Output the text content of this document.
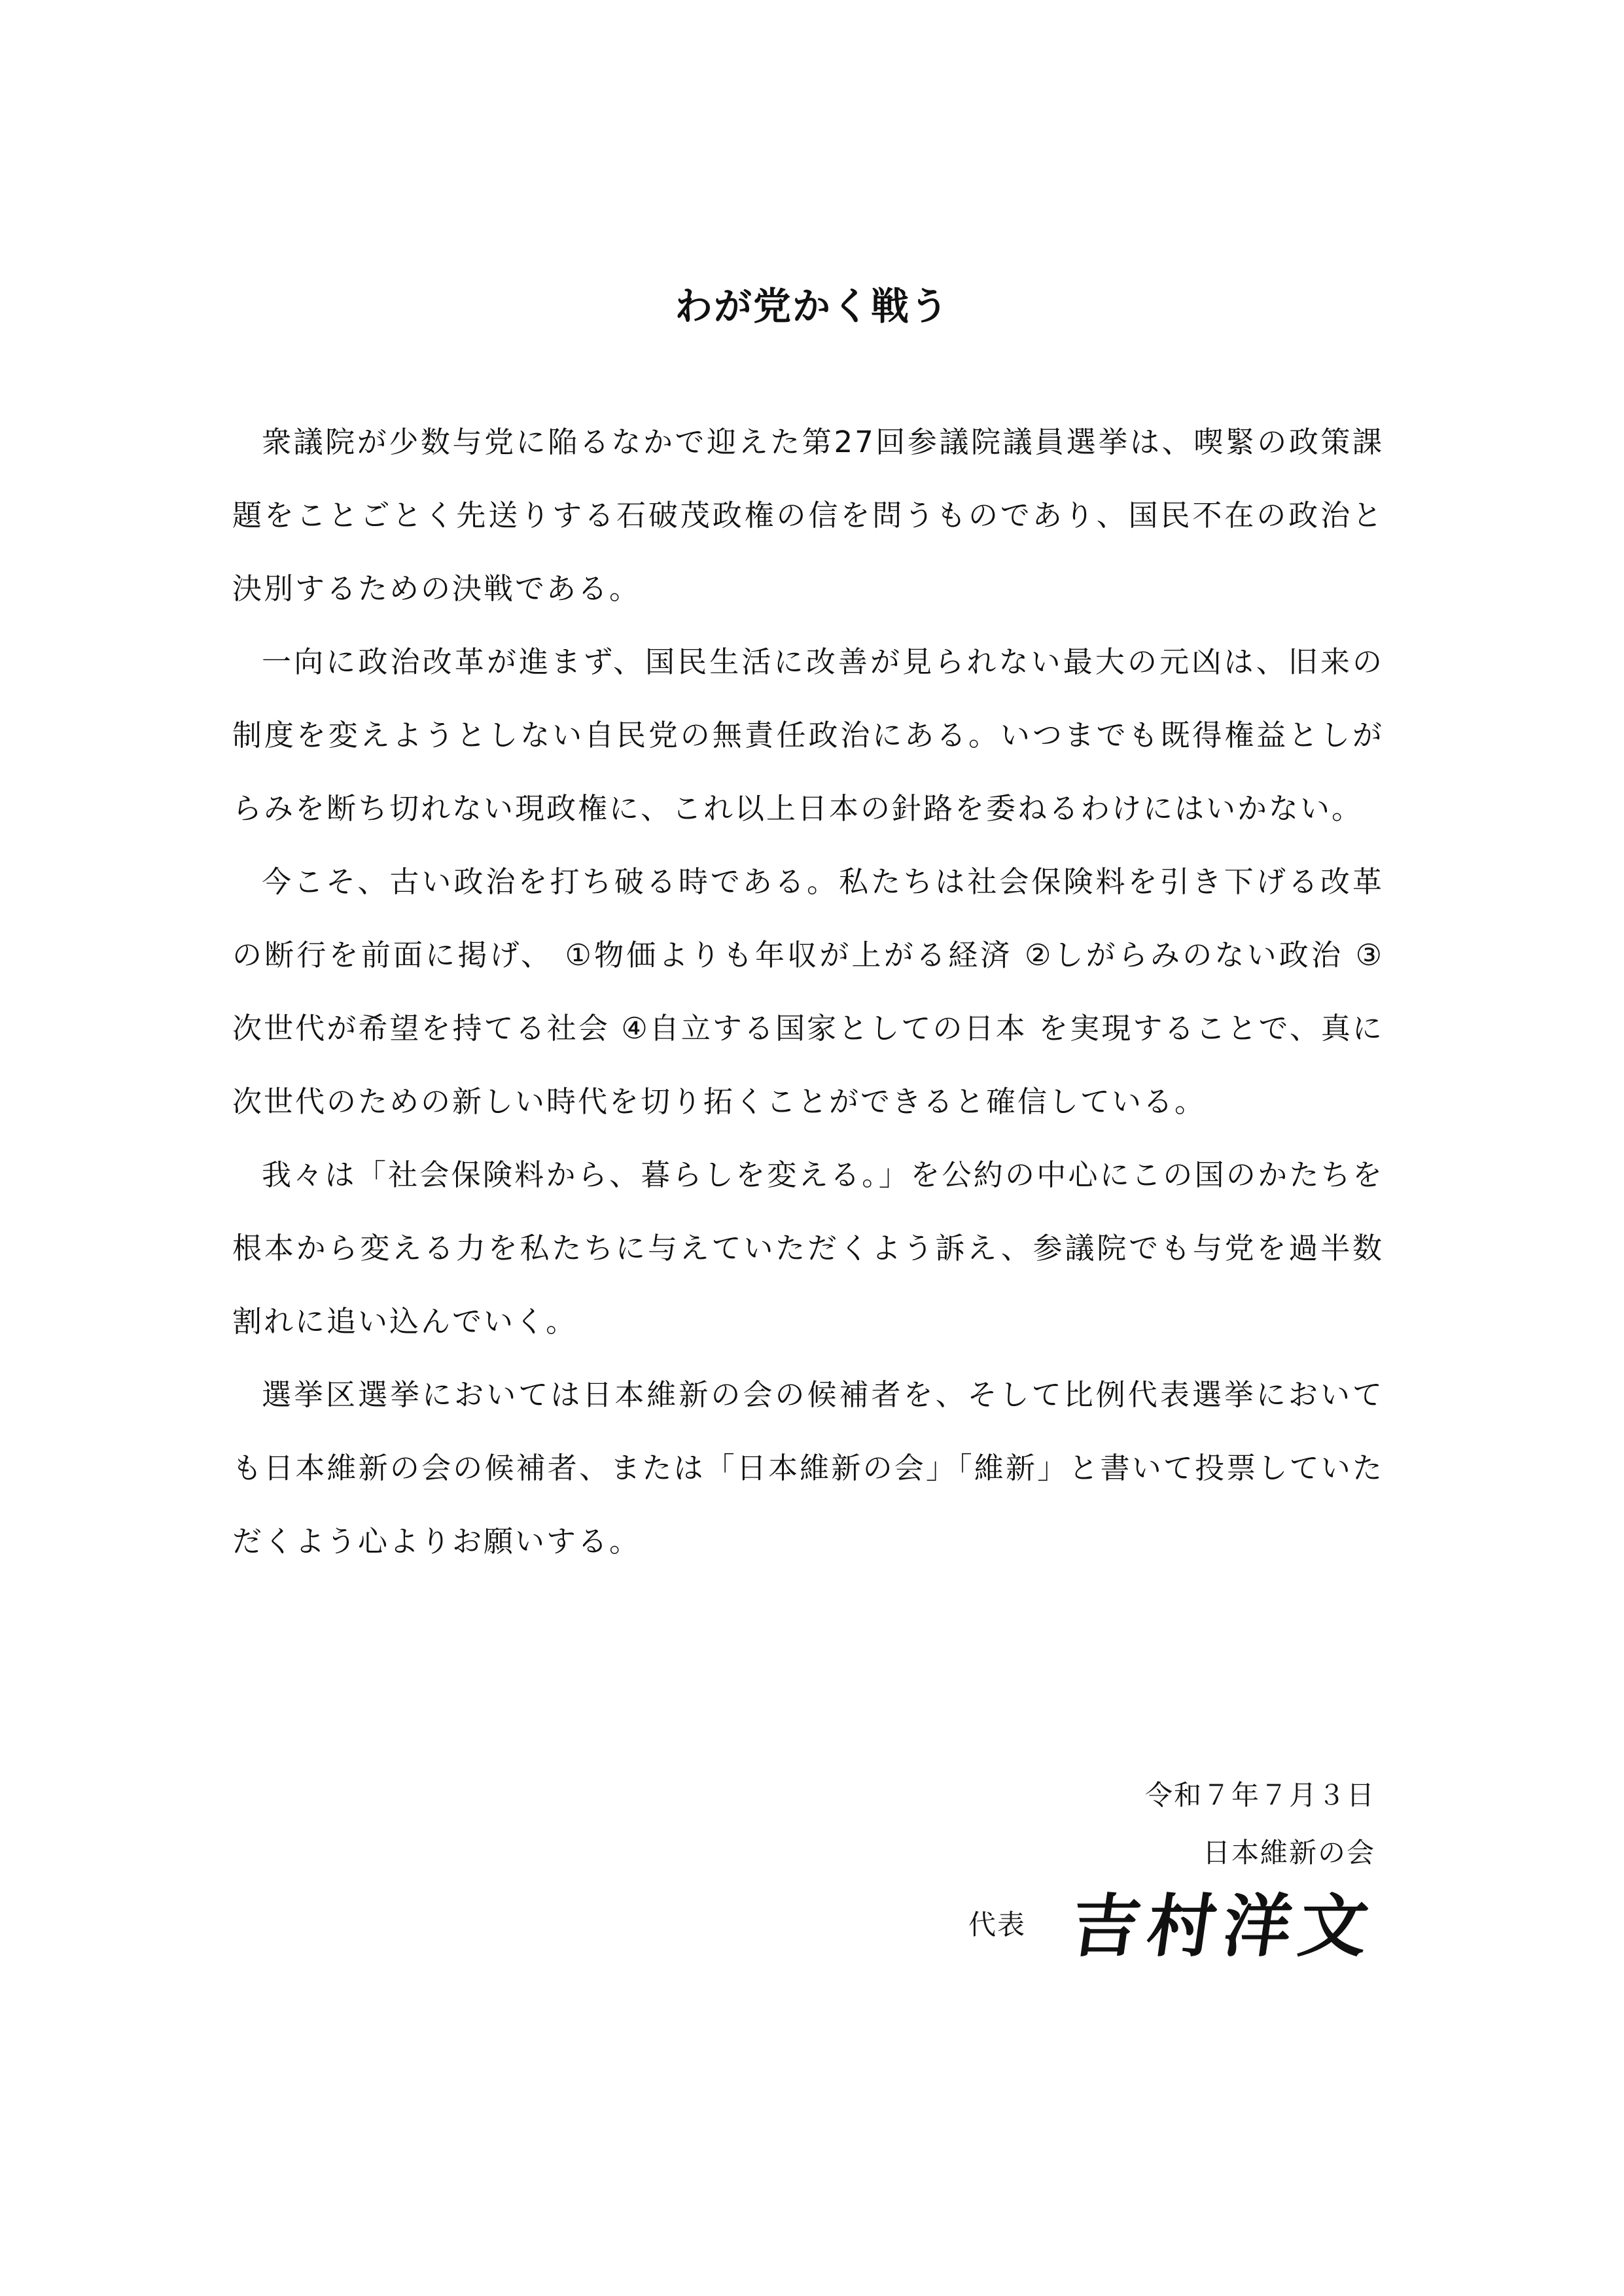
わが党かく戦う

衆議院が少数与党に陥るなかで迎えた第27回参議院議員選挙は、喫緊の政策課題をことごとく先送りする石破茂政権の信を問うものであり、国民不在の政治と決別するための決戦である。

一向に政治改革が進まず、国民生活に改善が見られない最大の元凶は、旧来の制度を変えようとしない自民党の無責任政治にある。いつまでも既得権益としがらみを断ち切れない現政権に、これ以上日本の針路を委ねるわけにはいかない。

今こそ、古い政治を打ち破る時である。私たちは社会保険料を引き下げる改革の断行を前面に掲げ、 ①物価よりも年収が上がる経済 ②しがらみのない政治 ③次世代が希望を持てる社会 ④自立する国家としての日本 を実現することで、真に次世代のための新しい時代を切り拓くことができると確信している。

我々は「社会保険料から、暮らしを変える。」を公約の中心にこの国のかたちを根本から変える力を私たちに与えていただくよう訴え、参議院でも与党を過半数割れに追い込んでいく。

選挙区選挙においては日本維新の会の候補者を、そして比例代表選挙においても日本維新の会の候補者、または「日本維新の会」「維新」と書いて投票していただくよう心よりお願いする。

令和７年７月３日
日本維新の会
代表 吉村洋文
